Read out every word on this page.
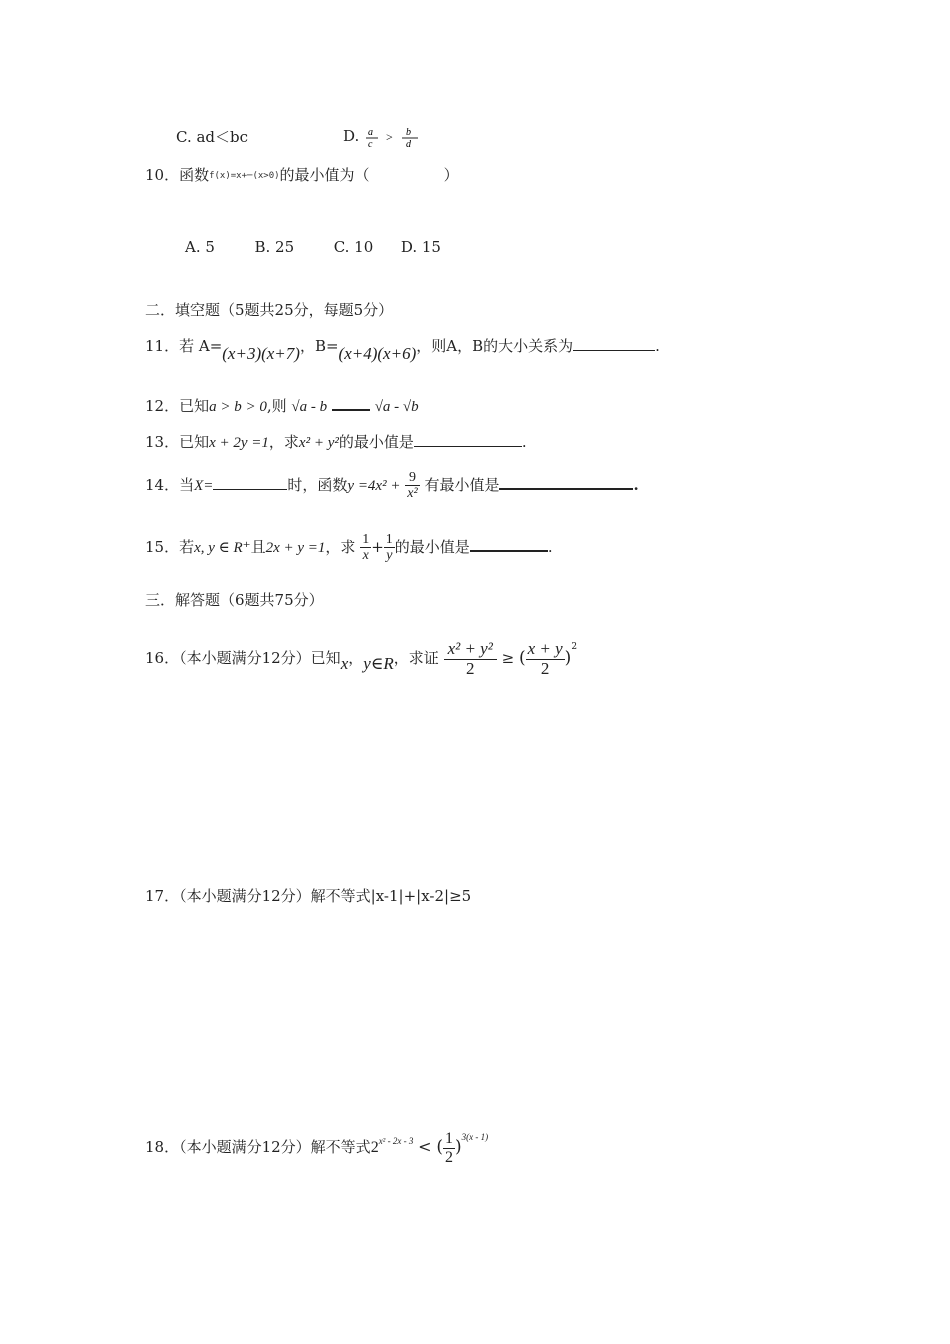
C. ad＜bc	D. a
c
> b
d
10．函数f(x)=x+─(x>0)的最小值为（	）
A. 5	B. 25	C. 10 D. 15
二．填空题（5题共25分，每题5分）
11．若 A=(x+3)(x+7)，B=(x+4)(x+6)，则A，B的大小关系为	.
12．已知a > b > 0,则 √a - b	√a - √b
13．已知x + 2y =1，求x² + y²的最小值是	.
14．当X=	时，函数$y =4x^2 + \frac{9}{\text{x²}}$ 有最小值是	.
15．若x, y ∈ R⁺且2x + y =1，求 $\frac{1}{x} + \frac{1}{y}$ 的最小值是	.
三．解答题（6题共75分）
16．（本小题满分12分）已知x，y∈R，求证 $\frac{\text{x² + y²}}{2}$ ≥ ( $\frac{x + y}{2} )^2$
17．（本小题满分12分）解不等式|x-1|+|x-2|≥5
18．（本小题满分12分）解不等式$2^{x^2 - 2x - 3}$ < ( $\frac{1}{2} )^{3(x - 1)}$
